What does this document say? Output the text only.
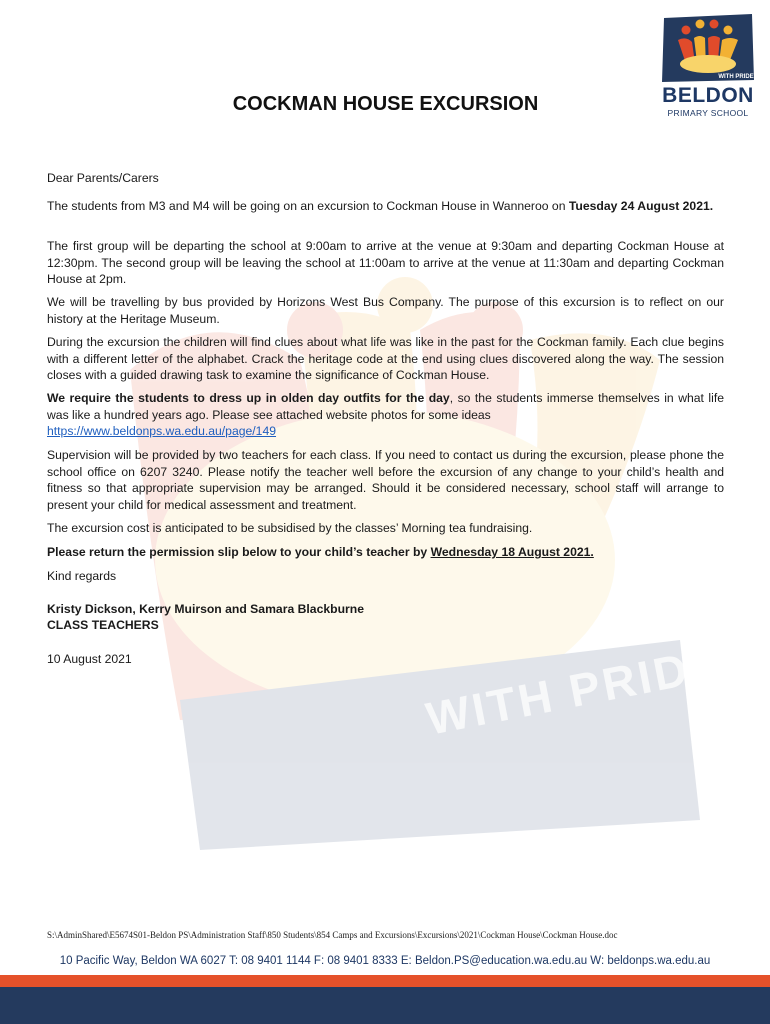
WITH PRIDE
WITH PRIDE
BELDON
PRIMARY SCHOOL
COCKMAN HOUSE EXCURSION
Dear Parents/Carers
The students from M3 and M4 will be going on an excursion to Cockman House in Wanneroo on Tuesday 24 August 2021.
The first group will be departing the school at 9:00am to arrive at the venue at 9:30am and departing Cockman House at 12:30pm. The second group will be leaving the school at 11:00am to arrive at the venue at 11:30am and departing Cockman House at 2pm.
We will be travelling by bus provided by Horizons West Bus Company. The purpose of this excursion is to reflect on our history at the Heritage Museum.
During the excursion the children will find clues about what life was like in the past for the Cockman family. Each clue begins with a different letter of the alphabet. Crack the heritage code at the end using clues discovered along the way. The session closes with a guided drawing task to examine the significance of Cockman House.
We require the students to dress up in olden day outfits for the day, so the students immerse themselves in what life was like a hundred years ago. Please see attached website photos for some ideas
https://www.beldonps.wa.edu.au/page/149
Supervision will be provided by two teachers for each class. If you need to contact us during the excursion, please phone the school office on 6207 3240. Please notify the teacher well before the excursion of any change to your child’s health and fitness so that appropriate supervision may be arranged. Should it be considered necessary, school staff will arrange to present your child for medical assessment and treatment.
The excursion cost is anticipated to be subsidised by the classes’ Morning tea fundraising.
Please return the permission slip below to your child’s teacher by Wednesday 18 August 2021.
Kind regards
Kristy Dickson, Kerry Muirson and Samara Blackburne
CLASS TEACHERS
10 August 2021
S:\AdminShared\E5674S01-Beldon PS\Administration Staff\850 Students\854 Camps and Excursions\Excursions\2021\Cockman House\Cockman House.doc
10 Pacific Way, Beldon WA 6027 T: 08 9401 1144 F: 08 9401 8333 E: Beldon.PS@education.wa.edu.au W: beldonps.wa.edu.au
